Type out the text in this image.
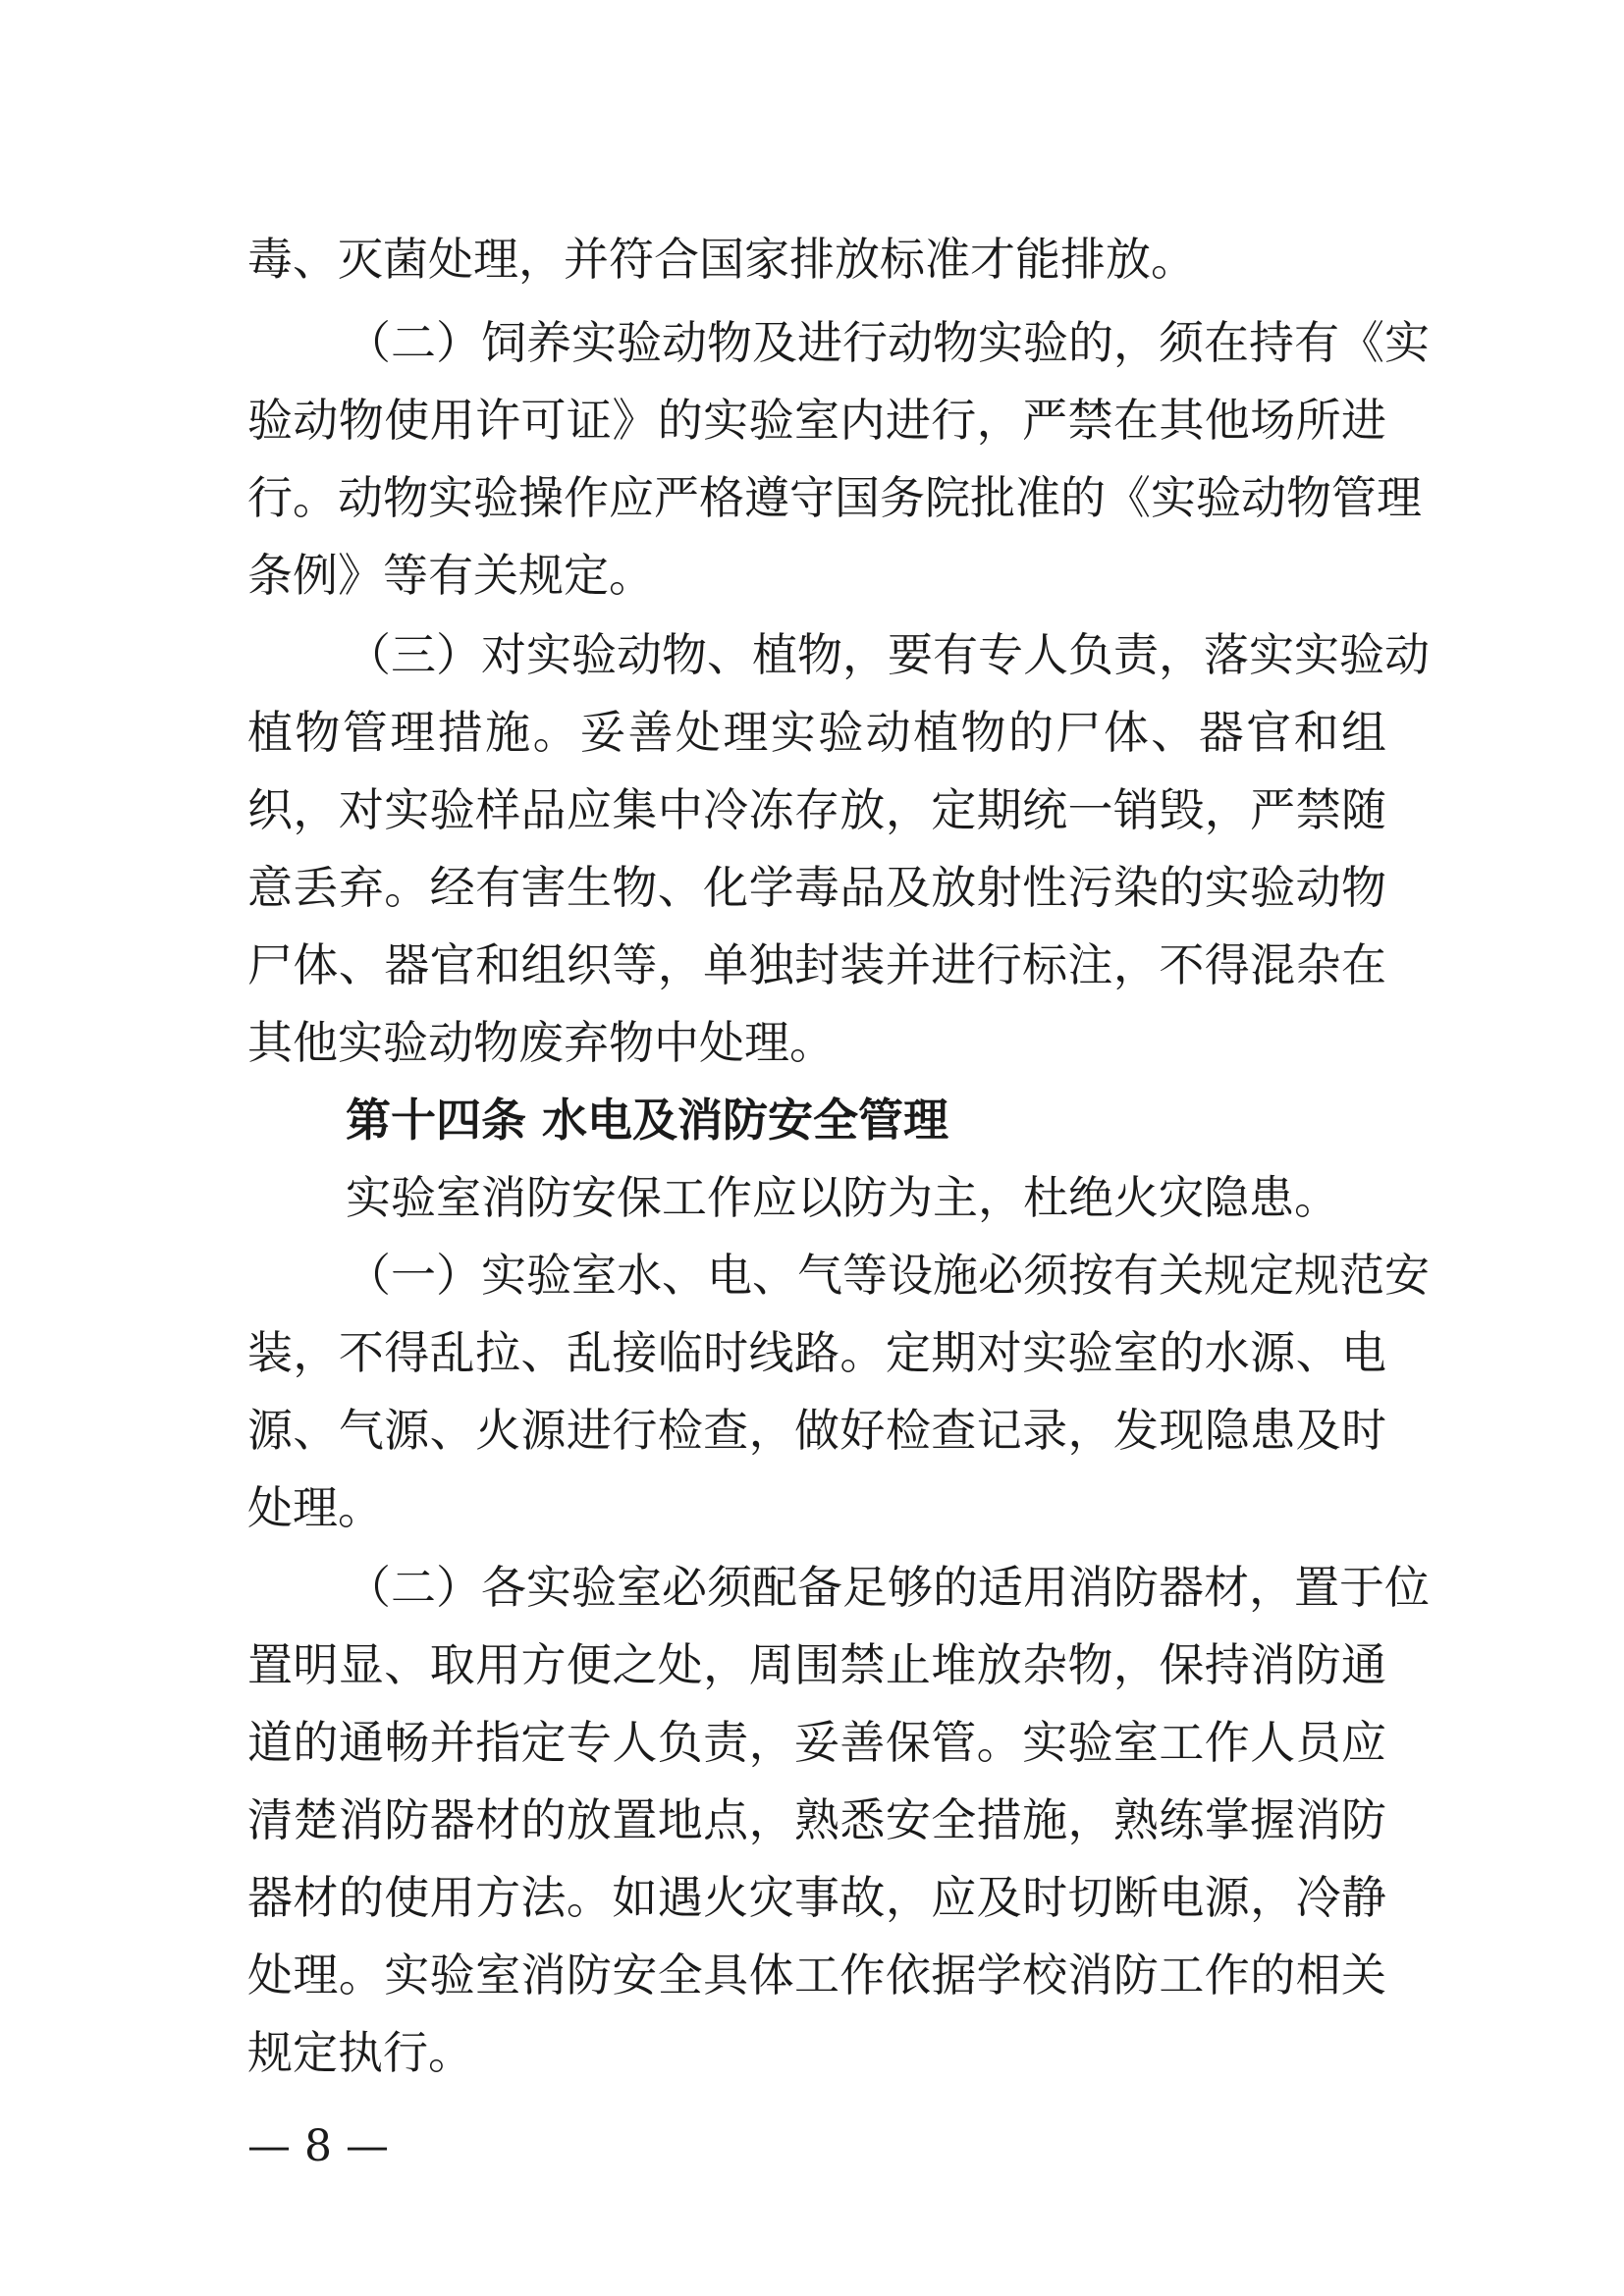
毒、灭菌处理，并符合国家排放标准才能排放。
（二）饲养实验动物及进行动物实验的，须在持有《实
验动物使用许可证》的实验室内进行，严禁在其他场所进
行。动物实验操作应严格遵守国务院批准的《实验动物管理
条例》等有关规定。
（三）对实验动物、植物，要有专人负责，落实实验动
植物管理措施。妥善处理实验动植物的尸体、器官和组
织，对实验样品应集中冷冻存放，定期统一销毁，严禁随
意丢弃。经有害生物、化学毒品及放射性污染的实验动物
尸体、器官和组织等，单独封装并进行标注，不得混杂在
其他实验动物废弃物中处理。
第十四条 水电及消防安全管理
实验室消防安保工作应以防为主，杜绝火灾隐患。
（一）实验室水、电、气等设施必须按有关规定规范安
装，不得乱拉、乱接临时线路。定期对实验室的水源、电
源、气源、火源进行检查，做好检查记录，发现隐患及时
处理。
（二）各实验室必须配备足够的适用消防器材，置于位
置明显、取用方便之处，周围禁止堆放杂物，保持消防通
道的通畅并指定专人负责，妥善保管。实验室工作人员应
清楚消防器材的放置地点，熟悉安全措施，熟练掌握消防
器材的使用方法。如遇火灾事故，应及时切断电源，冷静
处理。实验室消防安全具体工作依据学校消防工作的相关
规定执行。
— 8 —
